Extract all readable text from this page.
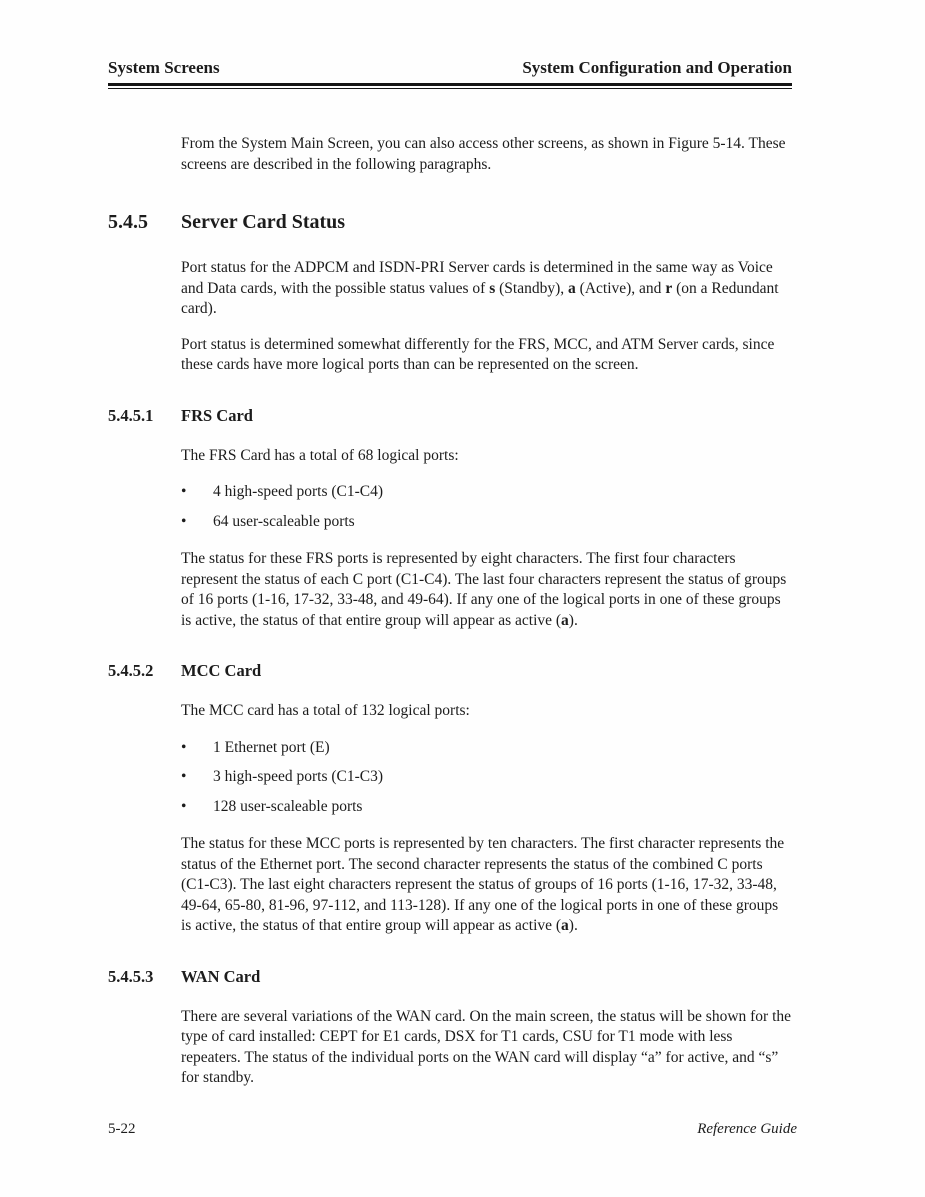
System Screens	System Configuration and Operation

From the System Main Screen, you can also access other screens, as shown in Figure 5-14. These screens are described in the following paragraphs.

5.4.5	Server Card Status

Port status for the ADPCM and ISDN-PRI Server cards is determined in the same way as Voice and Data cards, with the possible status values of s (Standby), a (Active), and r (on a Redundant card).

Port status is determined somewhat differently for the FRS, MCC, and ATM Server cards, since these cards have more logical ports than can be represented on the screen.

5.4.5.1	FRS Card

The FRS Card has a total of 68 logical ports:

•	4 high-speed ports (C1-C4)
•	64 user-scaleable ports

The status for these FRS ports is represented by eight characters. The first four characters represent the status of each C port (C1-C4). The last four characters represent the status of groups of 16 ports (1-16, 17-32, 33-48, and 49-64). If any one of the logical ports in one of these groups is active, the status of that entire group will appear as active (a).

5.4.5.2	MCC Card

The MCC card has a total of 132 logical ports:

•	1 Ethernet port (E)
•	3 high-speed ports (C1-C3)
•	128 user-scaleable ports

The status for these MCC ports is represented by ten characters. The first character represents the status of the Ethernet port. The second character represents the status of the combined C ports (C1-C3). The last eight characters represent the status of groups of 16 ports (1-16, 17-32, 33-48, 49-64, 65-80, 81-96, 97-112, and 113-128). If any one of the logical ports in one of these groups is active, the status of that entire group will appear as active (a).

5.4.5.3	WAN Card

There are several variations of the WAN card. On the main screen, the status will be shown for the type of card installed: CEPT for E1 cards, DSX for T1 cards, CSU for T1 mode with less repeaters. The status of the individual ports on the WAN card will display “a” for active, and “s” for standby.

5-22	Reference Guide
